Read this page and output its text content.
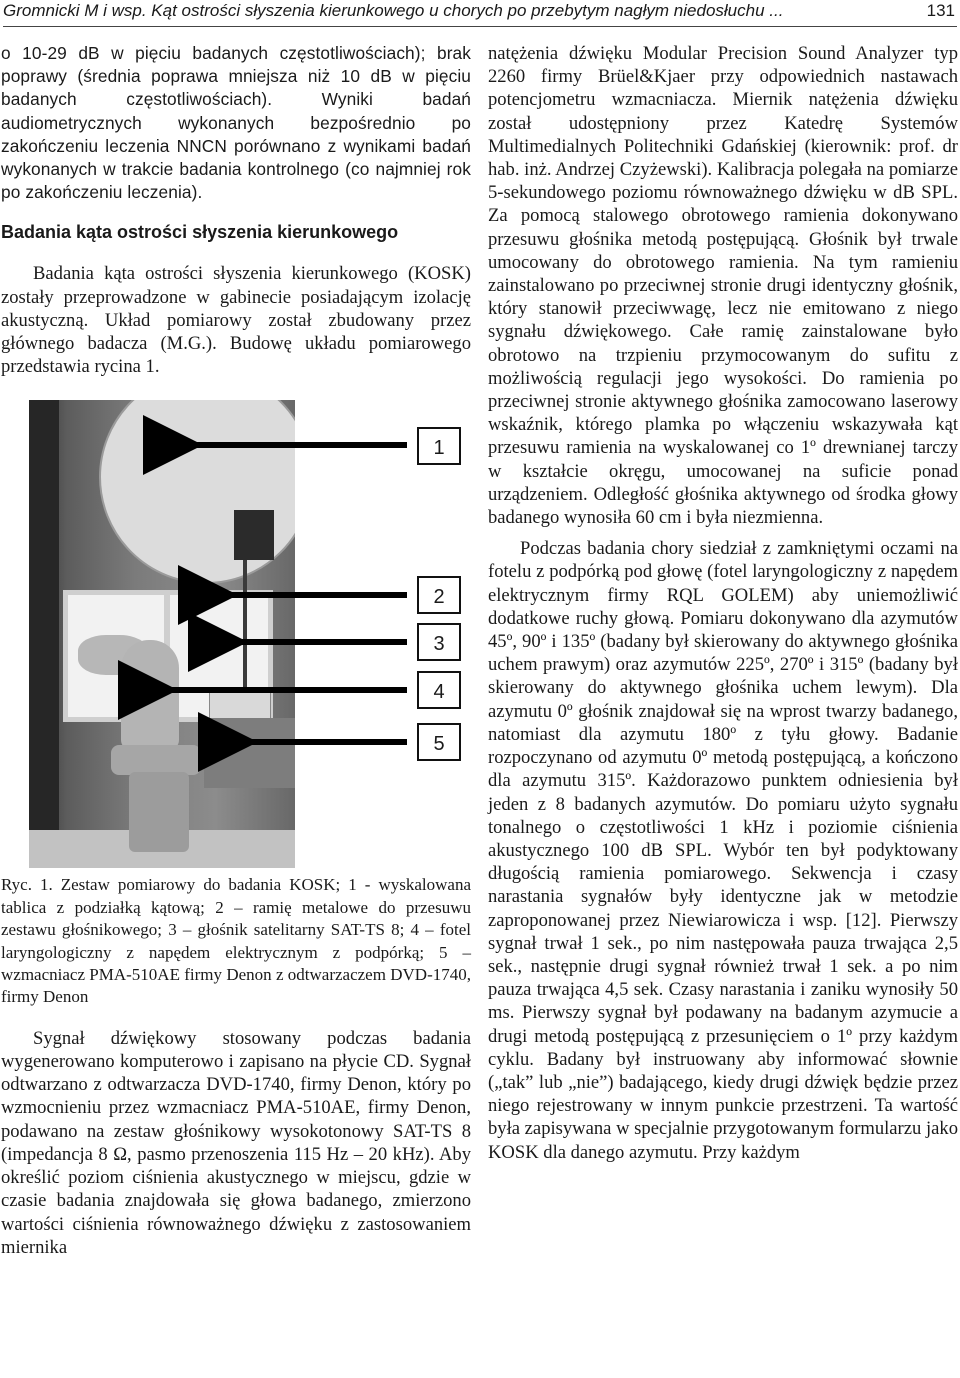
Gromnicki M i wsp. Kąt ostrości słyszenia kierunkowego u chorych po przebytym nagłym niedosłuchu ...	131

o 10-29 dB w pięciu badanych częstotliwościach); brak poprawy (średnia poprawa mniejsza niż 10 dB w pięciu badanych częstotliwościach). Wyniki badań audiometrycznych wykonanych bezpośrednio po zakończeniu leczenia NNCN porównano z wynikami badań wykonanych w trakcie badania kontrolnego (co najmniej rok po zakończeniu leczenia).

Badania kąta ostrości słyszenia kierunkowego

Badania kąta ostrości słyszenia kierunkowego (KOSK) zostały przeprowadzone w gabinecie posiadającym izolację akustyczną. Układ pomiarowy został zbudowany przez głównego badacza (M.G.). Budowę układu pomiarowego przedstawia rycina 1.

1
2
3
4
5

Ryc. 1. Zestaw pomiarowy do badania KOSK; 1 - wyskalowana tablica z podziałką kątową; 2 – ramię metalowe do przesuwu zestawu głośnikowego; 3 – głośnik satelitarny SAT-TS 8; 4 – fotel laryngologiczny z napędem elektrycznym z podpórką; 5 – wzmacniacz PMA-510AE firmy Denon z odtwarzaczem DVD-1740, firmy Denon

Sygnał dźwiękowy stosowany podczas badania wygenerowano komputerowo i zapisano na płycie CD. Sygnał odtwarzano z odtwarzacza DVD-1740, firmy Denon, który po wzmocnieniu przez wzmacniacz PMA-510AE, firmy Denon, podawano na zestaw głośnikowy wysokotonowy SAT-TS 8 (impedancja 8 Ω, pasmo przenoszenia 115 Hz – 20 kHz). Aby określić poziom ciśnienia akustycznego w miejscu, gdzie w czasie badania znajdowała się głowa badanego, zmierzono wartości ciśnienia równoważnego dźwięku z zastosowaniem miernika

natężenia dźwięku Modular Precision Sound Analyzer typ 2260 firmy Brüel&Kjaer przy odpowiednich nastawach potencjometru wzmacniacza. Miernik natężenia dźwięku został udostępniony przez Katedrę Systemów Multimedialnych Politechniki Gdańskiej (kierownik: prof. dr hab. inż. Andrzej Czyżewski). Kalibracja polegała na pomiarze 5-sekundowego poziomu równoważnego dźwięku w dB SPL. Za pomocą stalowego obrotowego ramienia dokonywano przesuwu głośnika metodą postępującą. Głośnik był trwale umocowany do obrotowego ramienia. Na tym ramieniu zainstalowano po przeciwnej stronie drugi identyczny głośnik, który stanowił przeciwwagę, lecz nie emitowano z niego sygnału dźwiękowego. Całe ramię zainstalowane było obrotowo na trzpieniu przymocowanym do sufitu z możliwością regulacji jego wysokości. Do ramienia po przeciwnej stronie aktywnego głośnika zamocowano laserowy wskaźnik, którego plamka po włączeniu wskazywała kąt przesuwu ramienia na wyskalowanej co 1º drewnianej tarczy w kształcie okręgu, umocowanej na suficie ponad urządzeniem. Odległość głośnika aktywnego od środka głowy badanego wynosiła 60 cm i była niezmienna.

Podczas badania chory siedział z zamkniętymi oczami na fotelu z podpórką pod głowę (fotel laryngologiczny z napędem elektrycznym firmy RQL GOLEM) aby uniemożliwić dodatkowe ruchy głową. Pomiaru dokonywano dla azymutów 45º, 90º i 135º (badany był skierowany do aktywnego głośnika uchem prawym) oraz azymutów 225º, 270º i 315º (badany był skierowany do aktywnego głośnika uchem lewym). Dla azymutu 0º głośnik znajdował się na wprost twarzy badanego, natomiast dla azymutu 180º z tyłu głowy. Badanie rozpoczynano od azymutu 0º metodą postępującą, a kończono dla azymutu 315º. Każdorazowo punktem odniesienia był jeden z 8 badanych azymutów. Do pomiaru użyto sygnału tonalnego o częstotliwości 1 kHz i poziomie ciśnienia akustycznego 100 dB SPL. Wybór ten był podyktowany długością ramienia pomiarowego. Sekwencja i czasy narastania sygnałów były identyczne jak w metodzie zaproponowanej przez Niewiarowicza i wsp. [12]. Pierwszy sygnał trwał 1 sek., po nim następowała pauza trwająca 2,5 sek., następnie drugi sygnał również trwał 1 sek. a po nim pauza trwająca 4,5 sek. Czasy narastania i zaniku wynosiły 50 ms. Pierwszy sygnał był podawany na badanym azymucie a drugi metodą postępującą z przesunięciem o 1º przy każdym cyklu. Badany był instruowany aby informować słownie („tak” lub „nie”) badającego, kiedy drugi dźwięk będzie przez niego rejestrowany w innym punkcie przestrzeni. Ta wartość była zapisywana w specjalnie przygotowanym formularzu jako KOSK dla danego azymutu. Przy każdym
